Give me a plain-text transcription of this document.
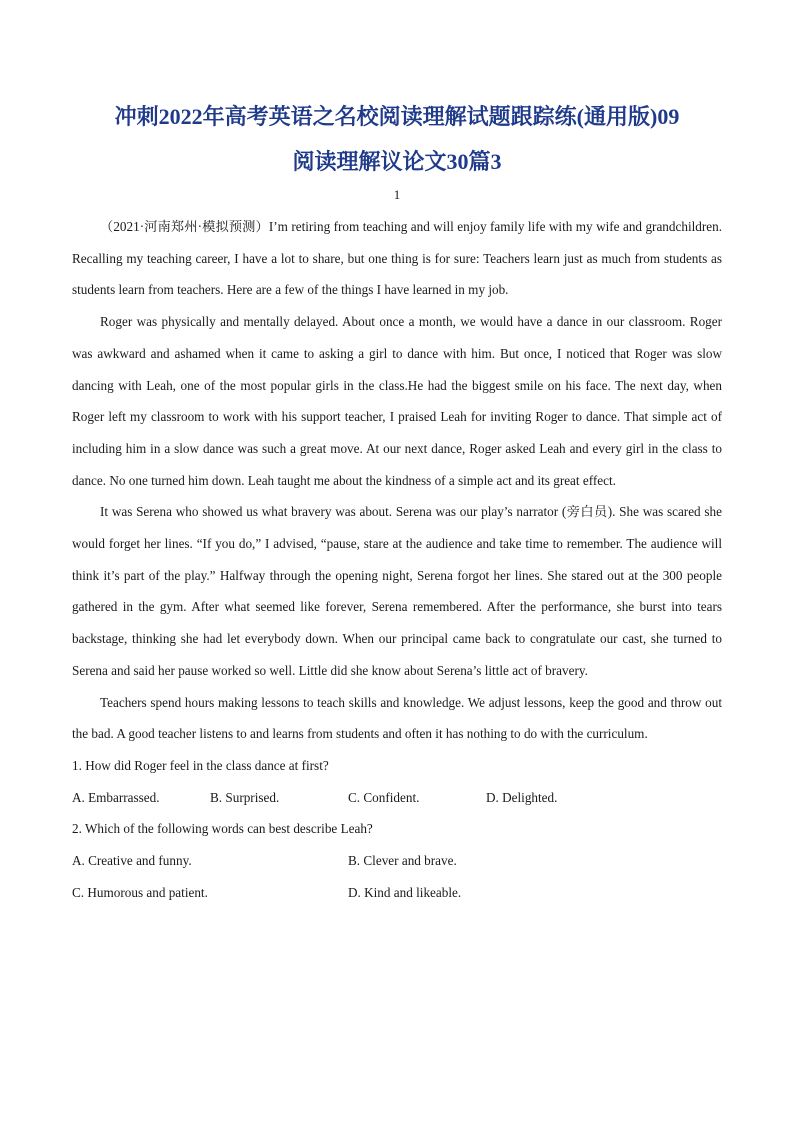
冲刺2022年高考英语之名校阅读理解试题跟踪练(通用版)09
阅读理解议论文30篇3
1

（2021·河南郑州·模拟预测）I’m retiring from teaching and will enjoy family life with my wife and grandchildren. Recalling my teaching career, I have a lot to share, but one thing is for sure: Teachers learn just as much from students as students learn from teachers. Here are a few of the things I have learned in my job.

Roger was physically and mentally delayed. About once a month, we would have a dance in our classroom. Roger was awkward and ashamed when it came to asking a girl to dance with him. But once, I noticed that Roger was slow dancing with Leah, one of the most popular girls in the class.He had the biggest smile on his face. The next day, when Roger left my classroom to work with his support teacher, I praised Leah for inviting Roger to dance. That simple act of including him in a slow dance was such a great move. At our next dance, Roger asked Leah and every girl in the class to dance. No one turned him down. Leah taught me about the kindness of a simple act and its great effect.

It was Serena who showed us what bravery was about. Serena was our play’s narrator (旁白员). She was scared she would forget her lines. “If you do,” I advised, “pause, stare at the audience and take time to remember. The audience will think it’s part of the play.” Halfway through the opening night, Serena forgot her lines. She stared out at the 300 people gathered in the gym. After what seemed like forever, Serena remembered. After the performance, she burst into tears backstage, thinking she had let everybody down. When our principal came back to congratulate our cast, she turned to Serena and said her pause worked so well. Little did she know about Serena’s little act of bravery.

Teachers spend hours making lessons to teach skills and knowledge. We adjust lessons, keep the good and throw out the bad. A good teacher listens to and learns from students and often it has nothing to do with the curriculum.

1. How did Roger feel in the class dance at first?

A. Embarrassed.	B. Surprised.	C. Confident.	D. Delighted.

2. Which of the following words can best describe Leah?

A. Creative and funny.	B. Clever and brave.
C. Humorous and patient.	D. Kind and likeable.
